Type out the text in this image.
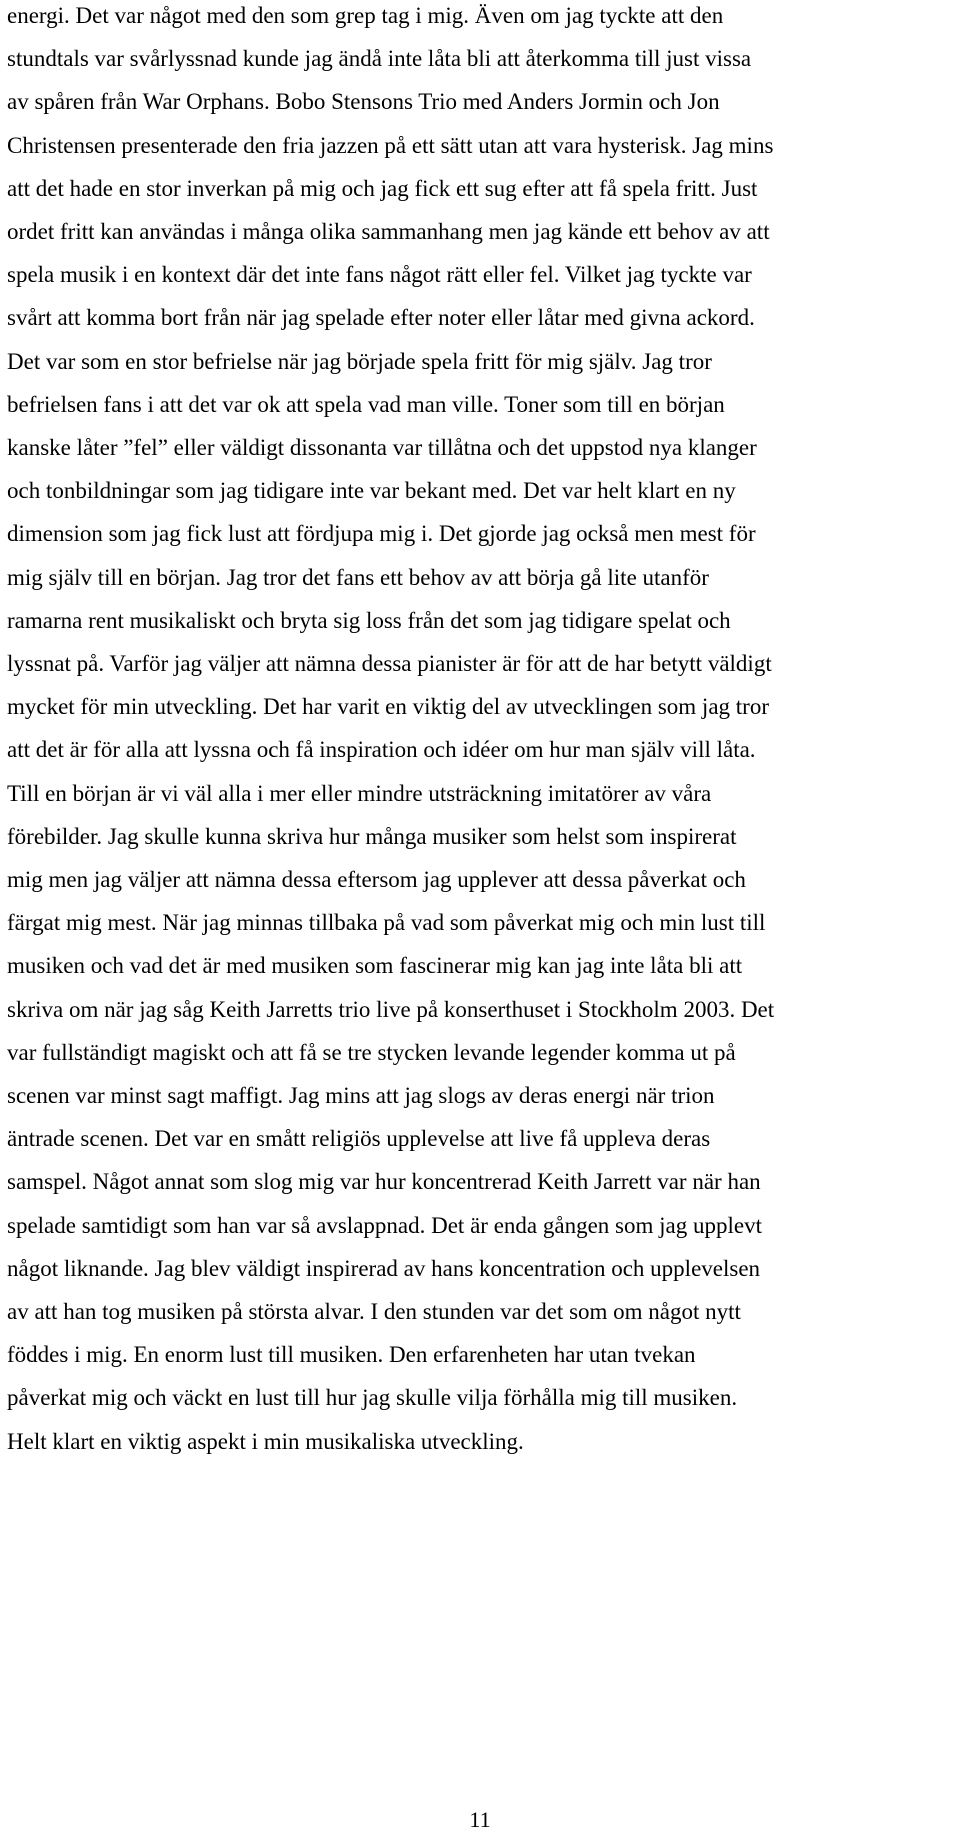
energi. Det var något med den som grep tag i mig. Även om jag tyckte att den
stundtals var svårlyssnad kunde jag ändå inte låta bli att återkomma till just vissa
av spåren från War Orphans. Bobo Stensons Trio med Anders Jormin och Jon
Christensen presenterade den fria jazzen på ett sätt utan att vara hysterisk. Jag mins
att det hade en stor inverkan på mig och jag fick ett sug efter att få spela fritt. Just
ordet fritt kan användas i många olika sammanhang men jag kände ett behov av att
spela musik i en kontext där det inte fans något rätt eller fel. Vilket jag tyckte var
svårt att komma bort från när jag spelade efter noter eller låtar med givna ackord.
Det var som en stor befrielse när jag började spela fritt för mig själv. Jag tror
befrielsen fans i att det var ok att spela vad man ville. Toner som till en början
kanske låter ”fel” eller väldigt dissonanta var tillåtna och det uppstod nya klanger
och tonbildningar som jag tidigare inte var bekant med. Det var helt klart en ny
dimension som jag fick lust att fördjupa mig i. Det gjorde jag också men mest för
mig själv till en början. Jag tror det fans ett behov av att börja gå lite utanför
ramarna rent musikaliskt och bryta sig loss från det som jag tidigare spelat och
lyssnat på. Varför jag väljer att nämna dessa pianister är för att de har betytt väldigt
mycket för min utveckling. Det har varit en viktig del av utvecklingen som jag tror
att det är för alla att lyssna och få inspiration och idéer om hur man själv vill låta.
Till en början är vi väl alla i mer eller mindre utsträckning imitatörer av våra
förebilder. Jag skulle kunna skriva hur många musiker som helst som inspirerat
mig men jag väljer att nämna dessa eftersom jag upplever att dessa påverkat och
färgat mig mest. När jag minnas tillbaka på vad som påverkat mig och min lust till
musiken och vad det är med musiken som fascinerar mig kan jag inte låta bli att
skriva om när jag såg Keith Jarretts trio live på konserthuset i Stockholm 2003. Det
var fullständigt magiskt och att få se tre stycken levande legender komma ut på
scenen var minst sagt maffigt. Jag mins att jag slogs av deras energi när trion
äntrade scenen. Det var en smått religiös upplevelse att live få uppleva deras
samspel. Något annat som slog mig var hur koncentrerad Keith Jarrett var när han
spelade samtidigt som han var så avslappnad. Det är enda gången som jag upplevt
något liknande. Jag blev väldigt inspirerad av hans koncentration och upplevelsen
av att han tog musiken på största alvar. I den stunden var det som om något nytt
föddes i mig. En enorm lust till musiken. Den erfarenheten har utan tvekan
påverkat mig och väckt en lust till hur jag skulle vilja förhålla mig till musiken.
Helt klart en viktig aspekt i min musikaliska utveckling.
11
